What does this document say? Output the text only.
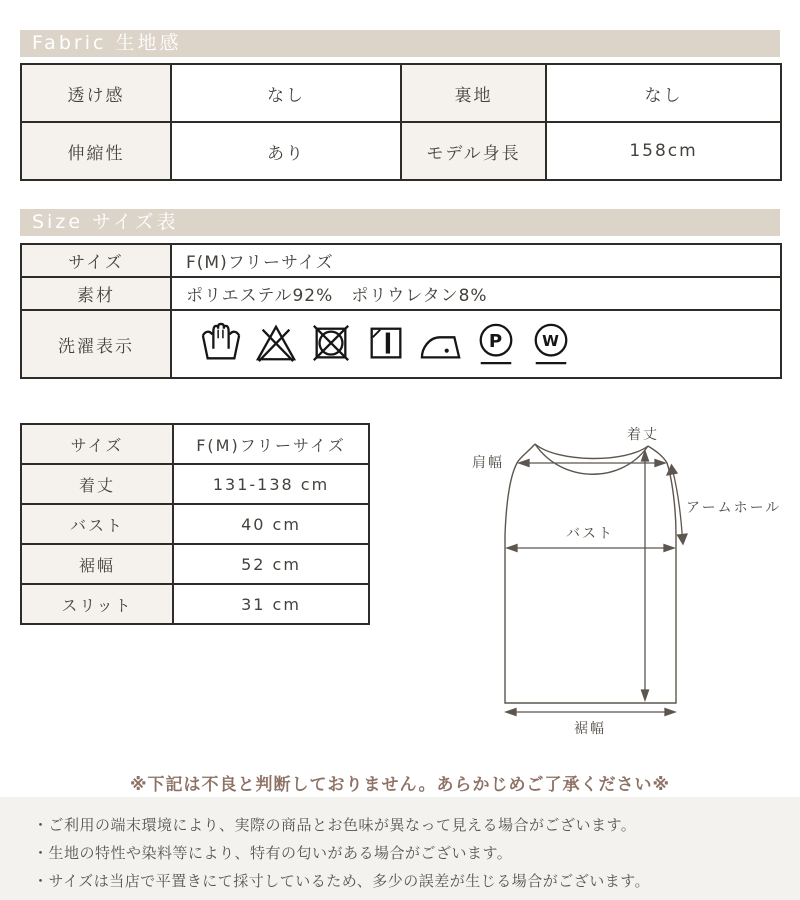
Fabric 生地感
透け感	なし	裏地	なし
伸縮性	あり	モデル身長	158cm
Size サイズ表
サイズ	F(M)フリーサイズ
素材	ポリエステル92%　ポリウレタン8%
洗濯表示	P W
サイズ	F(M)フリーサイズ
着丈	131-138 cm
バスト	40 cm
裾幅	52 cm
スリット	31 cm
着丈
肩幅
アームホール
バスト
裾幅
※下記は不良と判断しておりません。あらかじめご了承ください※
・ご利用の端末環境により、実際の商品とお色味が異なって見える場合がございます。
・生地の特性や染料等により、特有の匂いがある場合がございます。
・サイズは当店で平置きにて採寸しているため、多少の誤差が生じる場合がございます。
